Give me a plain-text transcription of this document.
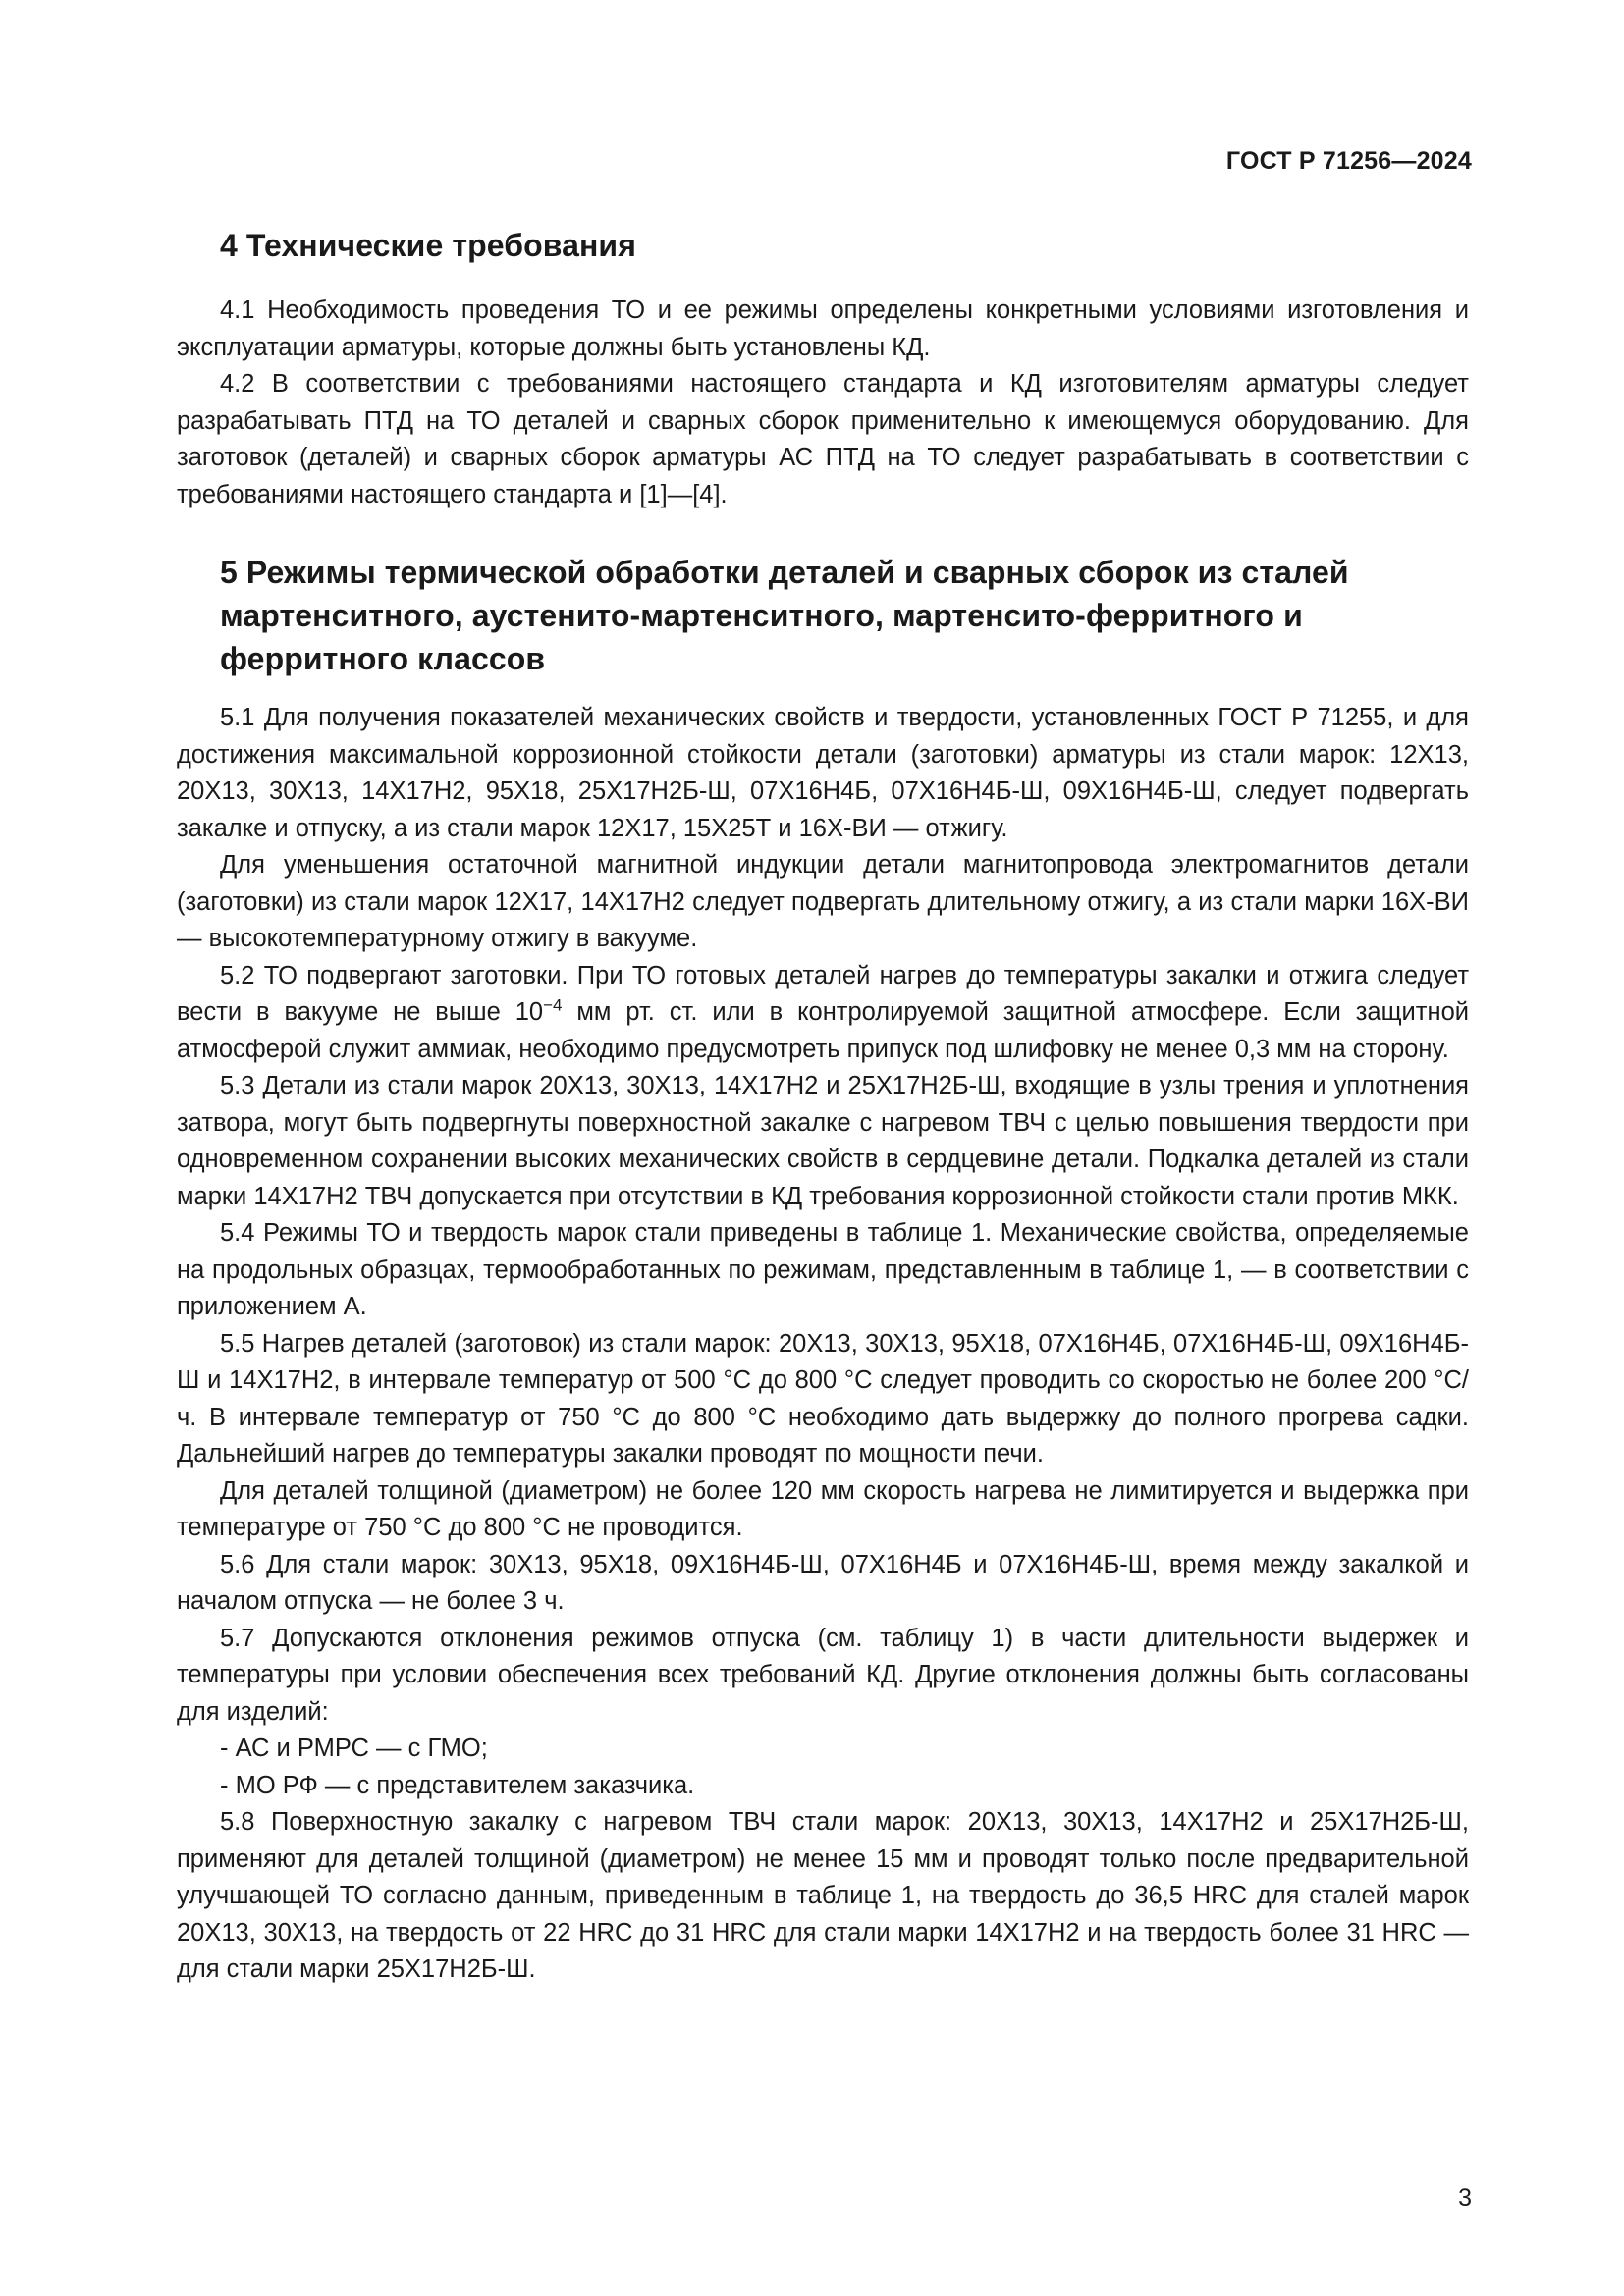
ГОСТ Р 71256—2024
4 Технические требования

4.1 Необходимость проведения ТО и ее режимы определены конкретными условиями изготовления и эксплуатации арматуры, которые должны быть установлены КД.

4.2 В соответствии с требованиями настоящего стандарта и КД изготовителям арматуры следует разрабатывать ПТД на ТО деталей и сварных сборок применительно к имеющемуся оборудованию. Для заготовок (деталей) и сварных сборок арматуры АС ПТД на ТО следует разрабатывать в соответствии с требованиями настоящего стандарта и [1]—[4].

5 Режимы термической обработки деталей и сварных сборок из сталей мартенситного, аустенито-мартенситного, мартенсито-ферритного и ферритного классов

5.1 Для получения показателей механических свойств и твердости, установленных ГОСТ Р 71255, и для достижения максимальной коррозионной стойкости детали (заготовки) арматуры из стали марок: 12Х13, 20Х13, 30Х13, 14Х17Н2, 95Х18, 25Х17Н2Б-Ш, 07Х16Н4Б, 07Х16Н4Б-Ш, 09Х16Н4Б-Ш, следует подвергать закалке и отпуску, а из стали марок 12Х17, 15Х25Т и 16Х-ВИ — отжигу.

Для уменьшения остаточной магнитной индукции детали магнитопровода электромагнитов детали (заготовки) из стали марок 12Х17, 14Х17Н2 следует подвергать длительному отжигу, а из стали марки 16Х-ВИ — высокотемпературному отжигу в вакууме.

5.2 ТО подвергают заготовки. При ТО готовых деталей нагрев до температуры закалки и отжига следует вести в вакууме не выше $10^{-4}$ мм рт. ст. или в контролируемой защитной атмосфере. Если защитной атмосферой служит аммиак, необходимо предусмотреть припуск под шлифовку не менее 0,3 мм на сторону.

5.3 Детали из стали марок 20Х13, 30Х13, 14Х17Н2 и 25Х17Н2Б-Ш, входящие в узлы трения и уплотнения затвора, могут быть подвергнуты поверхностной закалке с нагревом ТВЧ с целью повышения твердости при одновременном сохранении высоких механических свойств в сердцевине детали. Подкалка деталей из стали марки 14Х17Н2 ТВЧ допускается при отсутствии в КД требования коррозионной стойкости стали против МКК.

5.4 Режимы ТО и твердость марок стали приведены в таблице 1. Механические свойства, определяемые на продольных образцах, термообработанных по режимам, представленным в таблице 1, — в соответствии с приложением А.

5.5 Нагрев деталей (заготовок) из стали марок: 20Х13, 30Х13, 95Х18, 07Х16Н4Б, 07Х16Н4Б-Ш, 09Х16Н4Б-Ш и 14Х17Н2, в интервале температур от 500 °С до 800 °С следует проводить со скоростью не более 200 °С/ч. В интервале температур от 750 °С до 800 °С необходимо дать выдержку до полного прогрева садки. Дальнейший нагрев до температуры закалки проводят по мощности печи.

Для деталей толщиной (диаметром) не более 120 мм скорость нагрева не лимитируется и выдержка при температуре от 750 °С до 800 °С не проводится.

5.6 Для стали марок: 30Х13, 95Х18, 09Х16Н4Б-Ш, 07Х16Н4Б и 07Х16Н4Б-Ш, время между закалкой и началом отпуска — не более 3 ч.

5.7 Допускаются отклонения режимов отпуска (см. таблицу 1) в части длительности выдержек и температуры при условии обеспечения всех требований КД. Другие отклонения должны быть согласованы для изделий:

- АС и РМРС — с ГМО;

- МО РФ — с представителем заказчика.

5.8 Поверхностную закалку с нагревом ТВЧ стали марок: 20Х13, 30Х13, 14Х17Н2 и 25Х17Н2Б-Ш, применяют для деталей толщиной (диаметром) не менее 15 мм и проводят только после предварительной улучшающей ТО согласно данным, приведенным в таблице 1, на твердость до 36,5 HRC для сталей марок 20Х13, 30Х13, на твердость от 22 HRC до 31 HRC для стали марки 14Х17Н2 и на твердость более 31 HRC — для стали марки 25Х17Н2Б-Ш.

3
